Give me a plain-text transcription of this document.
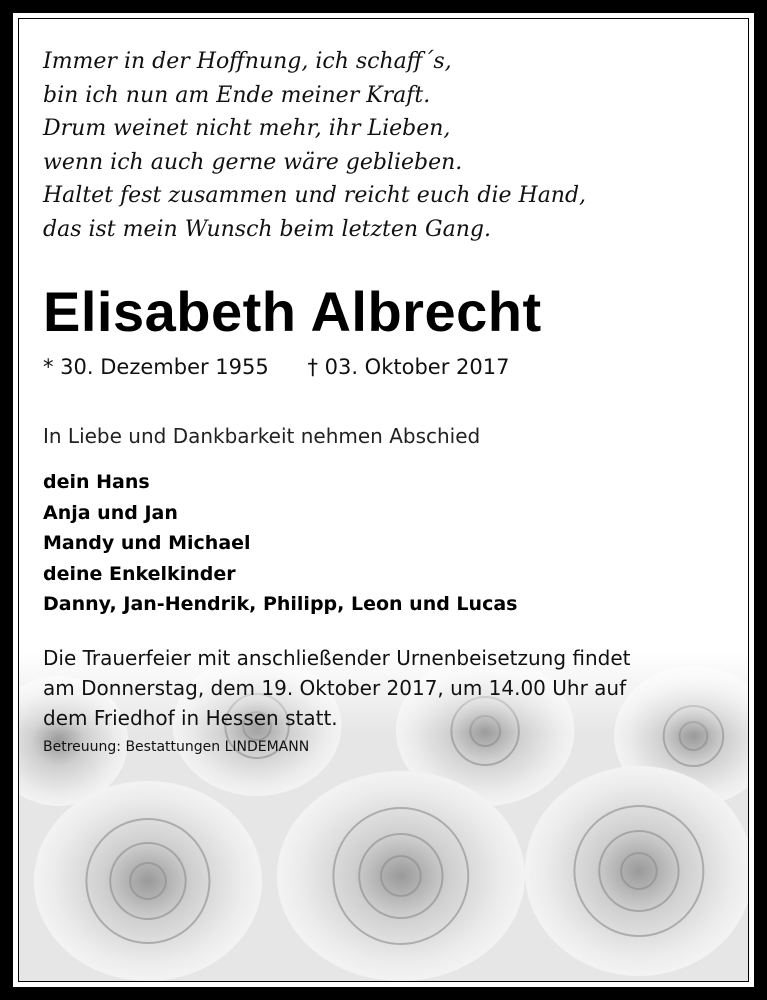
Immer in der Hoffnung, ich schaff´s,
bin ich nun am Ende meiner Kraft.
Drum weinet nicht mehr, ihr Lieben,
wenn ich auch gerne wäre geblieben.
Haltet fest zusammen und reicht euch die Hand,
das ist mein Wunsch beim letzten Gang.
Elisabeth Albrecht
* 30. Dezember 1955 † 03. Oktober 2017
In Liebe und Dankbarkeit nehmen Abschied
dein Hans
Anja und Jan
Mandy und Michael
deine Enkelkinder
Danny, Jan-Hendrik, Philipp, Leon und Lucas
Die Trauerfeier mit anschließender Urnenbeisetzung findet
am Donnerstag, dem 19. Oktober 2017, um 14.00 Uhr auf
dem Friedhof in Hessen statt.
Betreuung: Bestattungen LINDEMANN
